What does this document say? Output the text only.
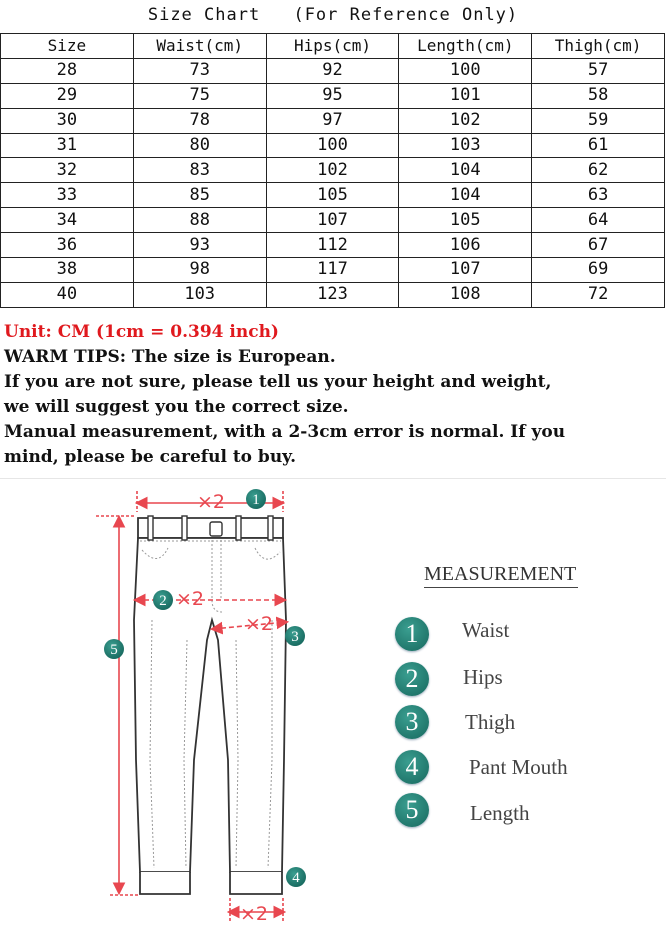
Size Chart (For Reference Only)
Size	Waist(cm)	Hips(cm)	Length(cm)	Thigh(cm)
28	73	92	100	57
29	75	95	101	58
30	78	97	102	59
31	80	100	103	61
32	83	102	104	62
33	85	105	104	63
34	88	107	105	64
36	93	112	106	67
38	98	117	107	69
40	103	123	108	72

Unit: CM (1cm = 0.394 inch)

WARM TIPS: The size is European.

If you are not sure, please tell us your height and weight,

we will suggest you the correct size.

Manual measurement, with a 2-3cm error is normal. If you

mind, please be careful to buy.

×2
×2
×2
×2
1
2
3
4
5
MEASUREMENT
1	Waist
2	Hips
3	Thigh
4	Pant Mouth
5	Length
